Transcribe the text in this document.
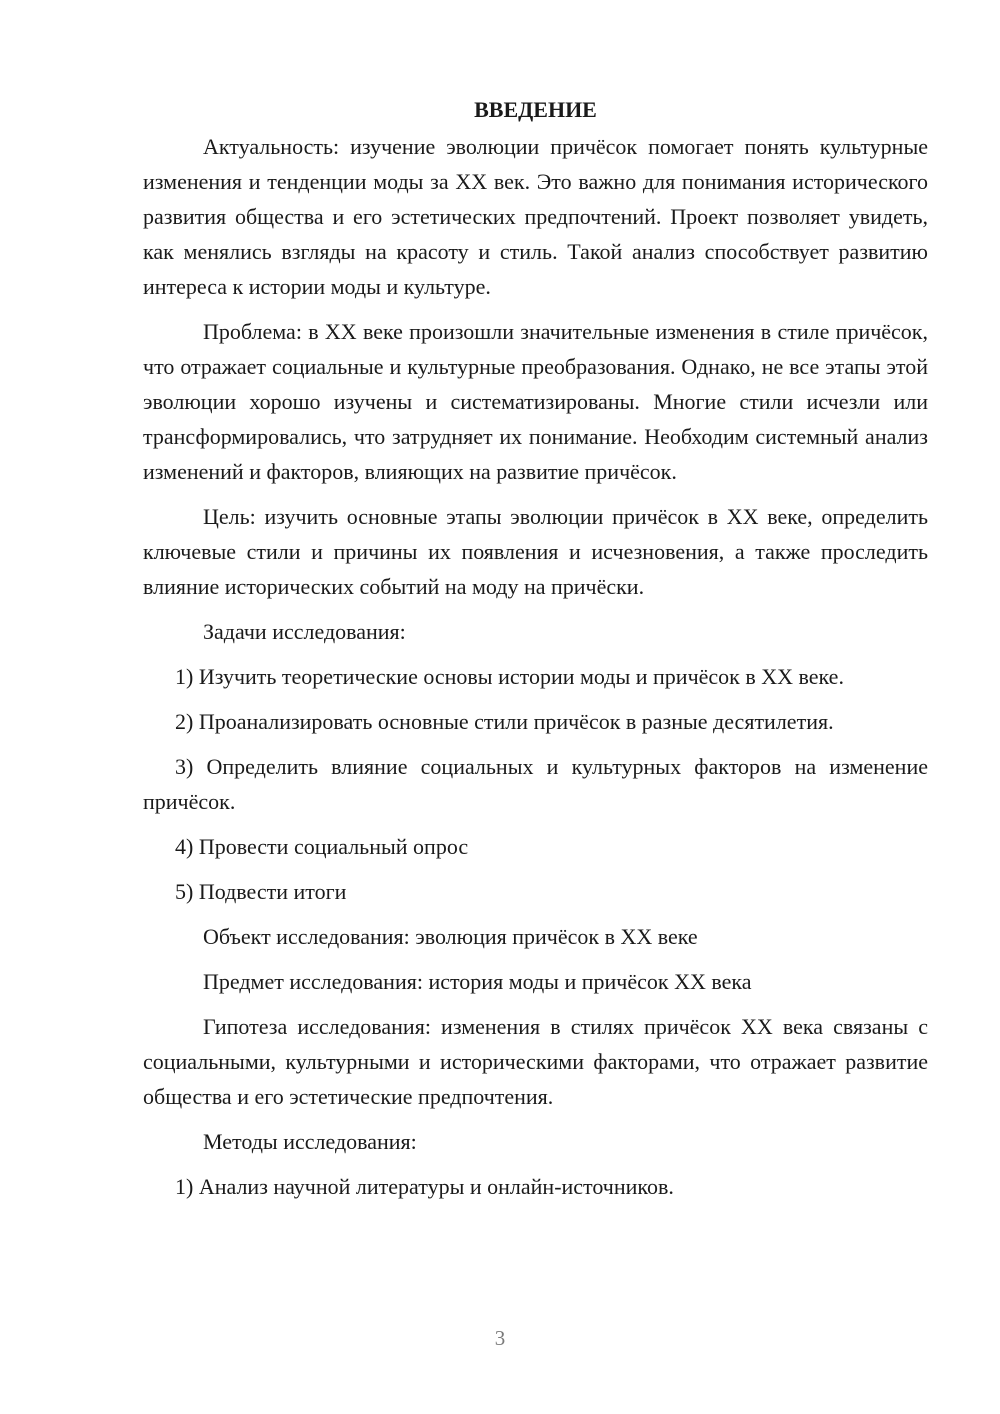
ВВЕДЕНИЕ

Актуальность: изучение эволюции причёсок помогает понять культурные изменения и тенденции моды за XX век. Это важно для понимания исторического развития общества и его эстетических предпочтений. Проект позволяет увидеть, как менялись взгляды на красоту и стиль. Такой анализ способствует развитию интереса к истории моды и культуре.

Проблема: в XX веке произошли значительные изменения в стиле причёсок, что отражает социальные и культурные преобразования. Однако, не все этапы этой эволюции хорошо изучены и систематизированы. Многие стили исчезли или трансформировались, что затрудняет их понимание. Необходим системный анализ изменений и факторов, влияющих на развитие причёсок.

Цель: изучить основные этапы эволюции причёсок в XX веке, определить ключевые стили и причины их появления и исчезновения, а также проследить влияние исторических событий на моду на причёски.

Задачи исследования:

1) Изучить теоретические основы истории моды и причёсок в XX веке.

2) Проанализировать основные стили причёсок в разные десятилетия.

3) Определить влияние социальных и культурных факторов на изменение причёсок.

4) Провести социальный опрос

5) Подвести итоги

Объект исследования: эволюция причёсок в XX веке

Предмет исследования: история моды и причёсок XX века

Гипотеза исследования: изменения в стилях причёсок XX века связаны с социальными, культурными и историческими факторами, что отражает развитие общества и его эстетические предпочтения.

Методы исследования:

1) Анализ научной литературы и онлайн-источников.

3
